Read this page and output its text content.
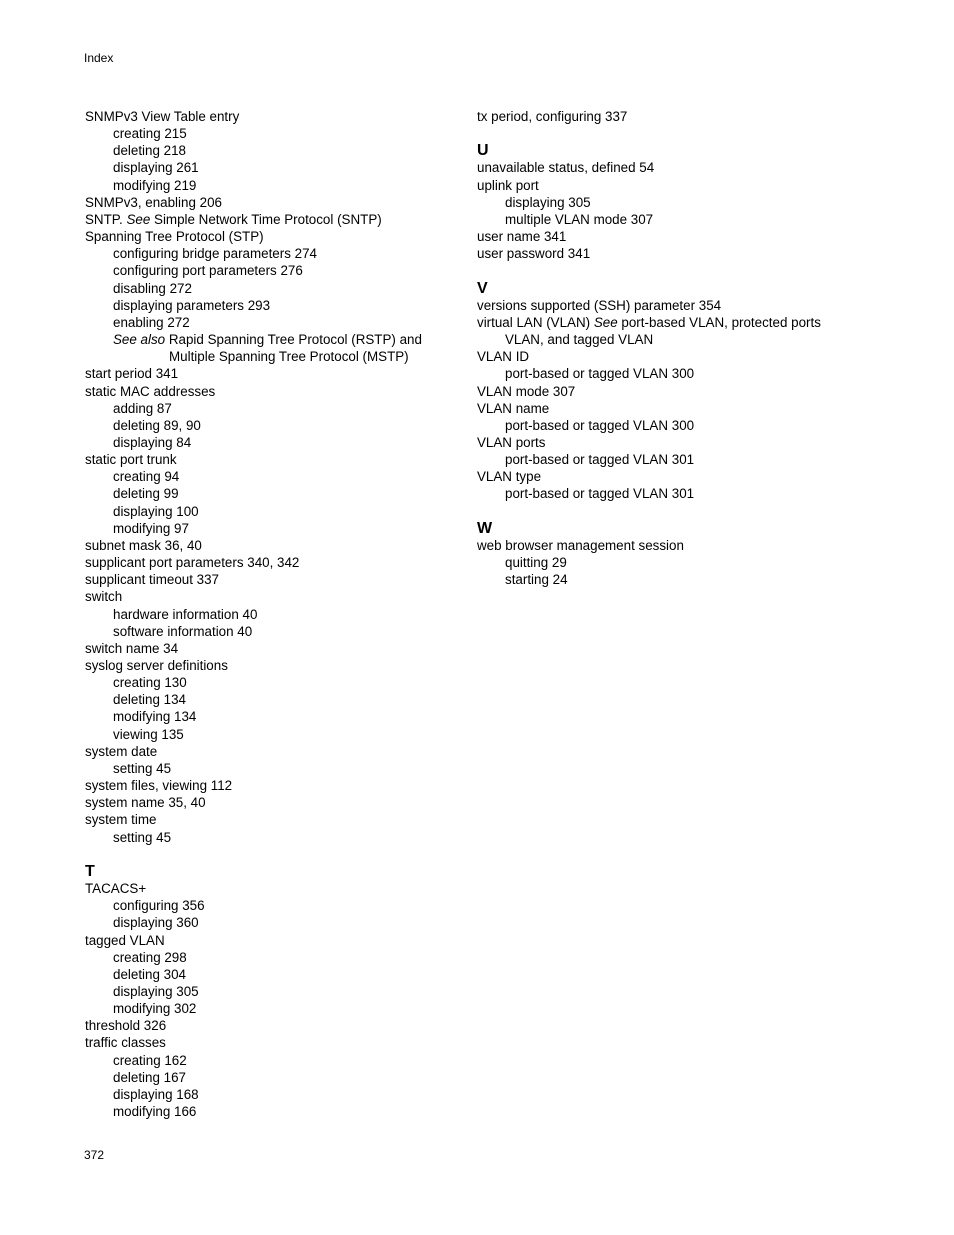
Index
SNMPv3 View Table entry
creating 215
deleting 218
displaying 261
modifying 219
SNMPv3, enabling 206
SNTP. See Simple Network Time Protocol (SNTP)
Spanning Tree Protocol (STP)
configuring bridge parameters 274
configuring port parameters 276
disabling 272
displaying parameters 293
enabling 272
See also Rapid Spanning Tree Protocol (RSTP) and
Multiple Spanning Tree Protocol (MSTP)
start period 341
static MAC addresses
adding 87
deleting 89, 90
displaying 84
static port trunk
creating 94
deleting 99
displaying 100
modifying 97
subnet mask 36, 40
supplicant port parameters 340, 342
supplicant timeout 337
switch
hardware information 40
software information 40
switch name 34
syslog server definitions
creating 130
deleting 134
modifying 134
viewing 135
system date
setting 45
system files, viewing 112
system name 35, 40
system time
setting 45
T
TACACS+
configuring 356
displaying 360
tagged VLAN
creating 298
deleting 304
displaying 305
modifying 302
threshold 326
traffic classes
creating 162
deleting 167
displaying 168
modifying 166
tx period, configuring 337
U
unavailable status, defined 54
uplink port
displaying 305
multiple VLAN mode 307
user name 341
user password 341
V
versions supported (SSH) parameter 354
virtual LAN (VLAN) See port-based VLAN, protected ports
VLAN, and tagged VLAN
VLAN ID
port-based or tagged VLAN 300
VLAN mode 307
VLAN name
port-based or tagged VLAN 300
VLAN ports
port-based or tagged VLAN 301
VLAN type
port-based or tagged VLAN 301
W
web browser management session
quitting 29
starting 24
372
